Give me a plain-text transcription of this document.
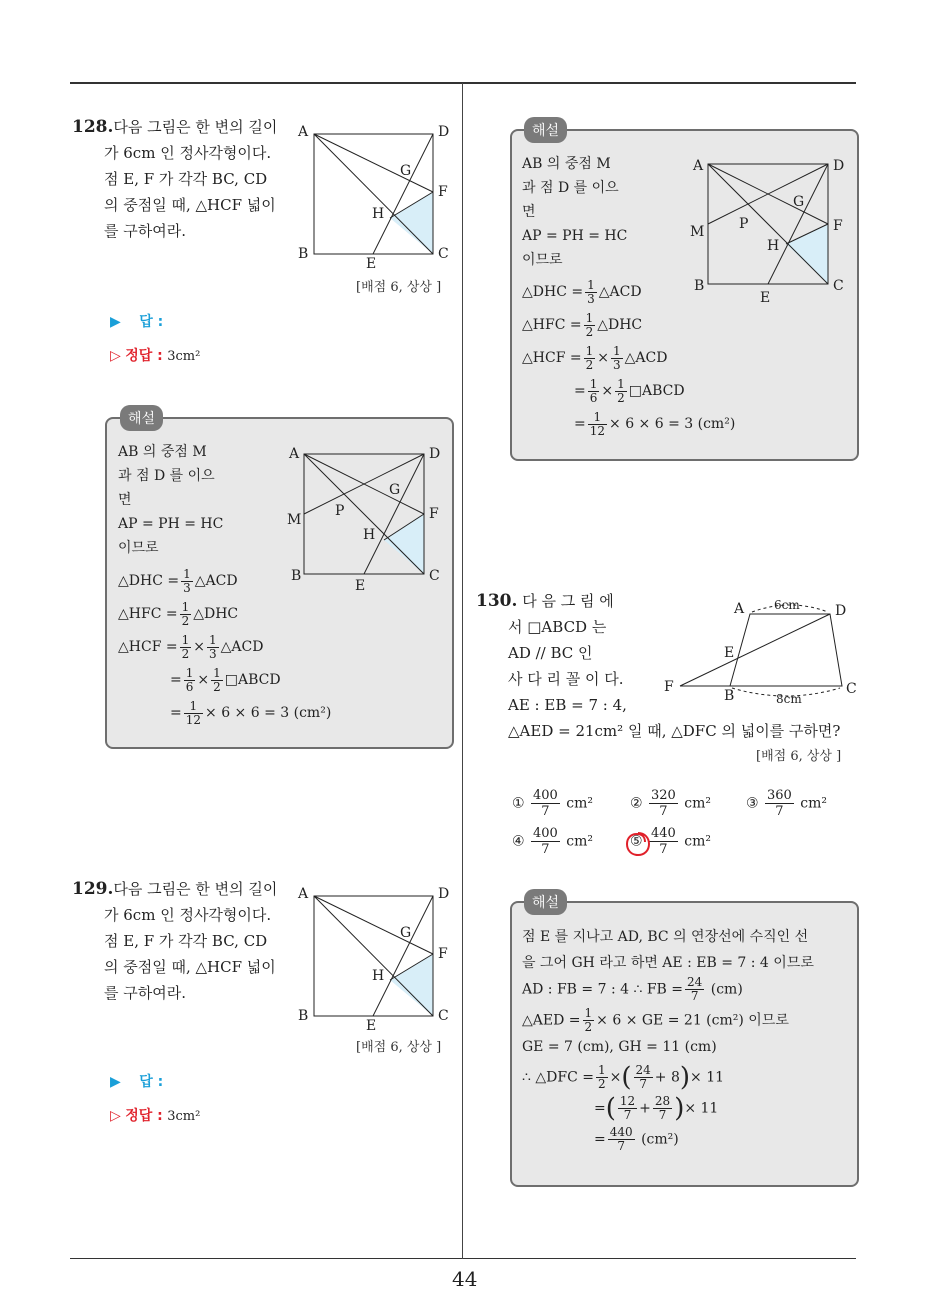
128.다음 그림은 한 변의 길이
가 6cm 인 정사각형이다.
점 E, F 가 각각 BC, CD
의 중점일 때, △HCF 넓이
를 구하여라.
A	D
B	C
E
F
G
H
[배점 6, 상상 ]
▶ 답 :
▷ 정답 : 3cm²
해설
AB 의 중점 M
과 점 D 를 이으
면
AP = PH = HC
이므로
△DHC = $\frac{1}{3}$ △ACD
△HFC = $\frac{1}{2}$ △DHC
△HCF = $\frac{1}{2} \times \frac{1}{3}$ △ACD
= $\frac{1}{6} \times \frac{1}{2}$ □ABCD
= $\frac{1}{12} \times 6 \times 6 = 3$ (cm²)
A	D
M	F
B	C
E
G
P
H
129.다음 그림은 한 변의 길이
가 6cm 인 정사각형이다.
점 E, F 가 각각 BC, CD
의 중점일 때, △HCF 넓이
를 구하여라.
A	D
B	C
E
F
G
H
[배점 6, 상상 ]
▶ 답 :
▷ 정답 : 3cm²
해설
AB 의 중점 M
과 점 D 를 이으
면
AP = PH = HC
이므로
△DHC = $\frac{1}{3}$ △ACD
△HFC = $\frac{1}{2}$ △DHC
△HCF = $\frac{1}{2} \times \frac{1}{3}$ △ACD
= $\frac{1}{6} \times \frac{1}{2}$ □ABCD
= $\frac{1}{12} \times 6 \times 6 = 3$ (cm²)
A	D
M	F
B	C
E
G
P
H
130. 다 음 그 림 에
서 □ABCD 는
AD // BC 인
사 다 리 꼴 이 다.
AE : EB = 7 : 4,
△AED = 21cm² 일 때, △DFC 의 넓이를 구하면?
A	D
E
F
B	C
6cm
8cm
[배점 6, 상상 ]
① $\frac{400}{7} cm^2$	② $\frac{320}{7} cm^2$ ③ $\frac{360}{7} cm^2$
④ $\frac{400}{7} cm^2$	⑤ $\frac{440}{7} cm^2$
해설
점 E 를 지나고 AD, BC 의 연장선에 수직인 선
을 그어 GH 라고 하면 AE : EB = 7 : 4 이므로
AD : FB = 7 : 4 ∴ FB = $\frac{24}{7} (cm)$
△AED = $\frac{1}{2} \times 6$ × GE = 21 (cm²) 이므로
GE = 7 (cm), GH = 11 (cm)
∴ △DFC = $\frac{1}{2}$ ×( $\frac{24}{7} + 8)\times 11$
=( $\frac{12}{7} + \frac{28}{7}$ )× 11
= $\frac{440}{7} (cm^2)$
44
